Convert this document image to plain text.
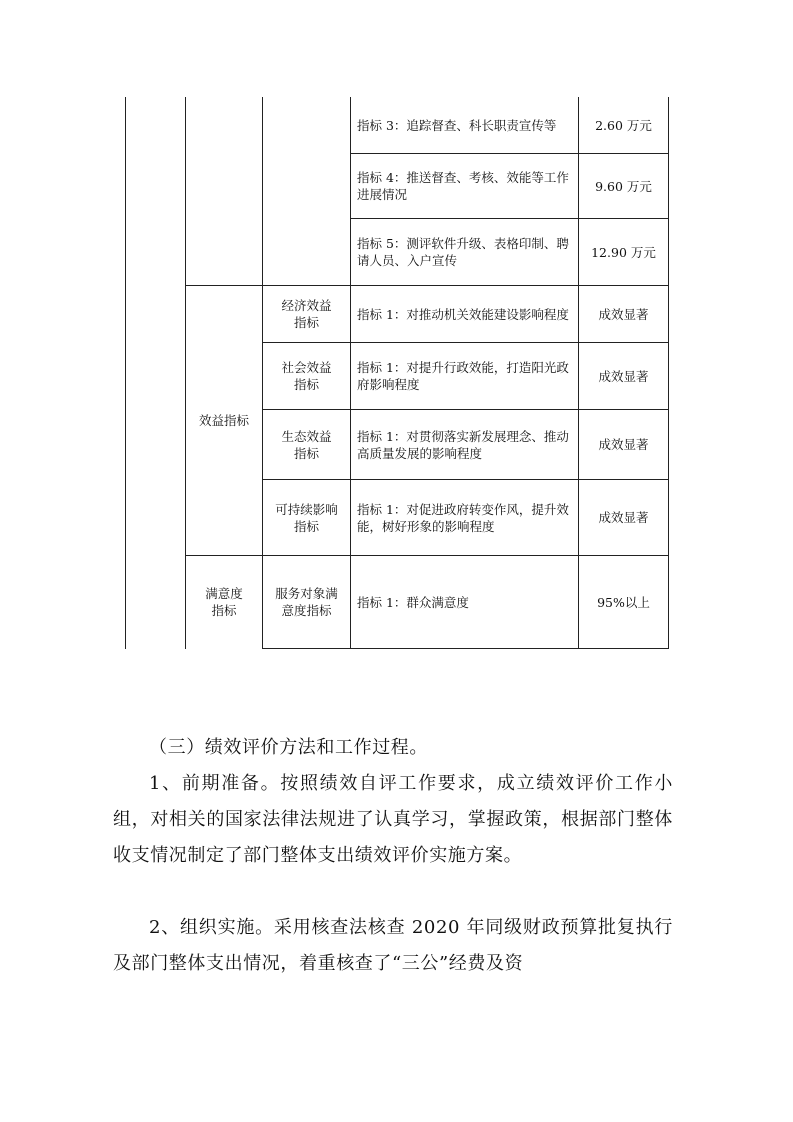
指标 3：追踪督查、科长职责宣传等	2.60 万元
指标 4：推送督查、考核、效能等工作进展情况
9.60 万元
指标 5：测评软件升级、表格印制、聘请人员、入户宣传
12.90 万元
效益指标
经济效益指标
指标 1：对推动机关效能建设影响程度 成效显著
社会效益指标
指标 1：对提升行政效能，打造阳光政府影响程度
成效显著
生态效益指标
指标 1：对贯彻落实新发展理念、推动高质量发展的影响程度
成效显著
可持续影响指标
指标 1：对促进政府转变作风，提升效能，树好形象的影响程度
成效显著
满意度指标
服务对象满意度指标
指标 1：群众满意度	95%以上

（三）绩效评价方法和工作过程。

1、前期准备。按照绩效自评工作要求，成立绩效评价工作小组，对相关的国家法律法规进了认真学习，掌握政策，根据部门整体收支情况制定了部门整体支出绩效评价实施方案。

2、组织实施。采用核查法核查 2020 年同级财政预算批复执行及部门整体支出情况，着重核查了“三公”经费及资
